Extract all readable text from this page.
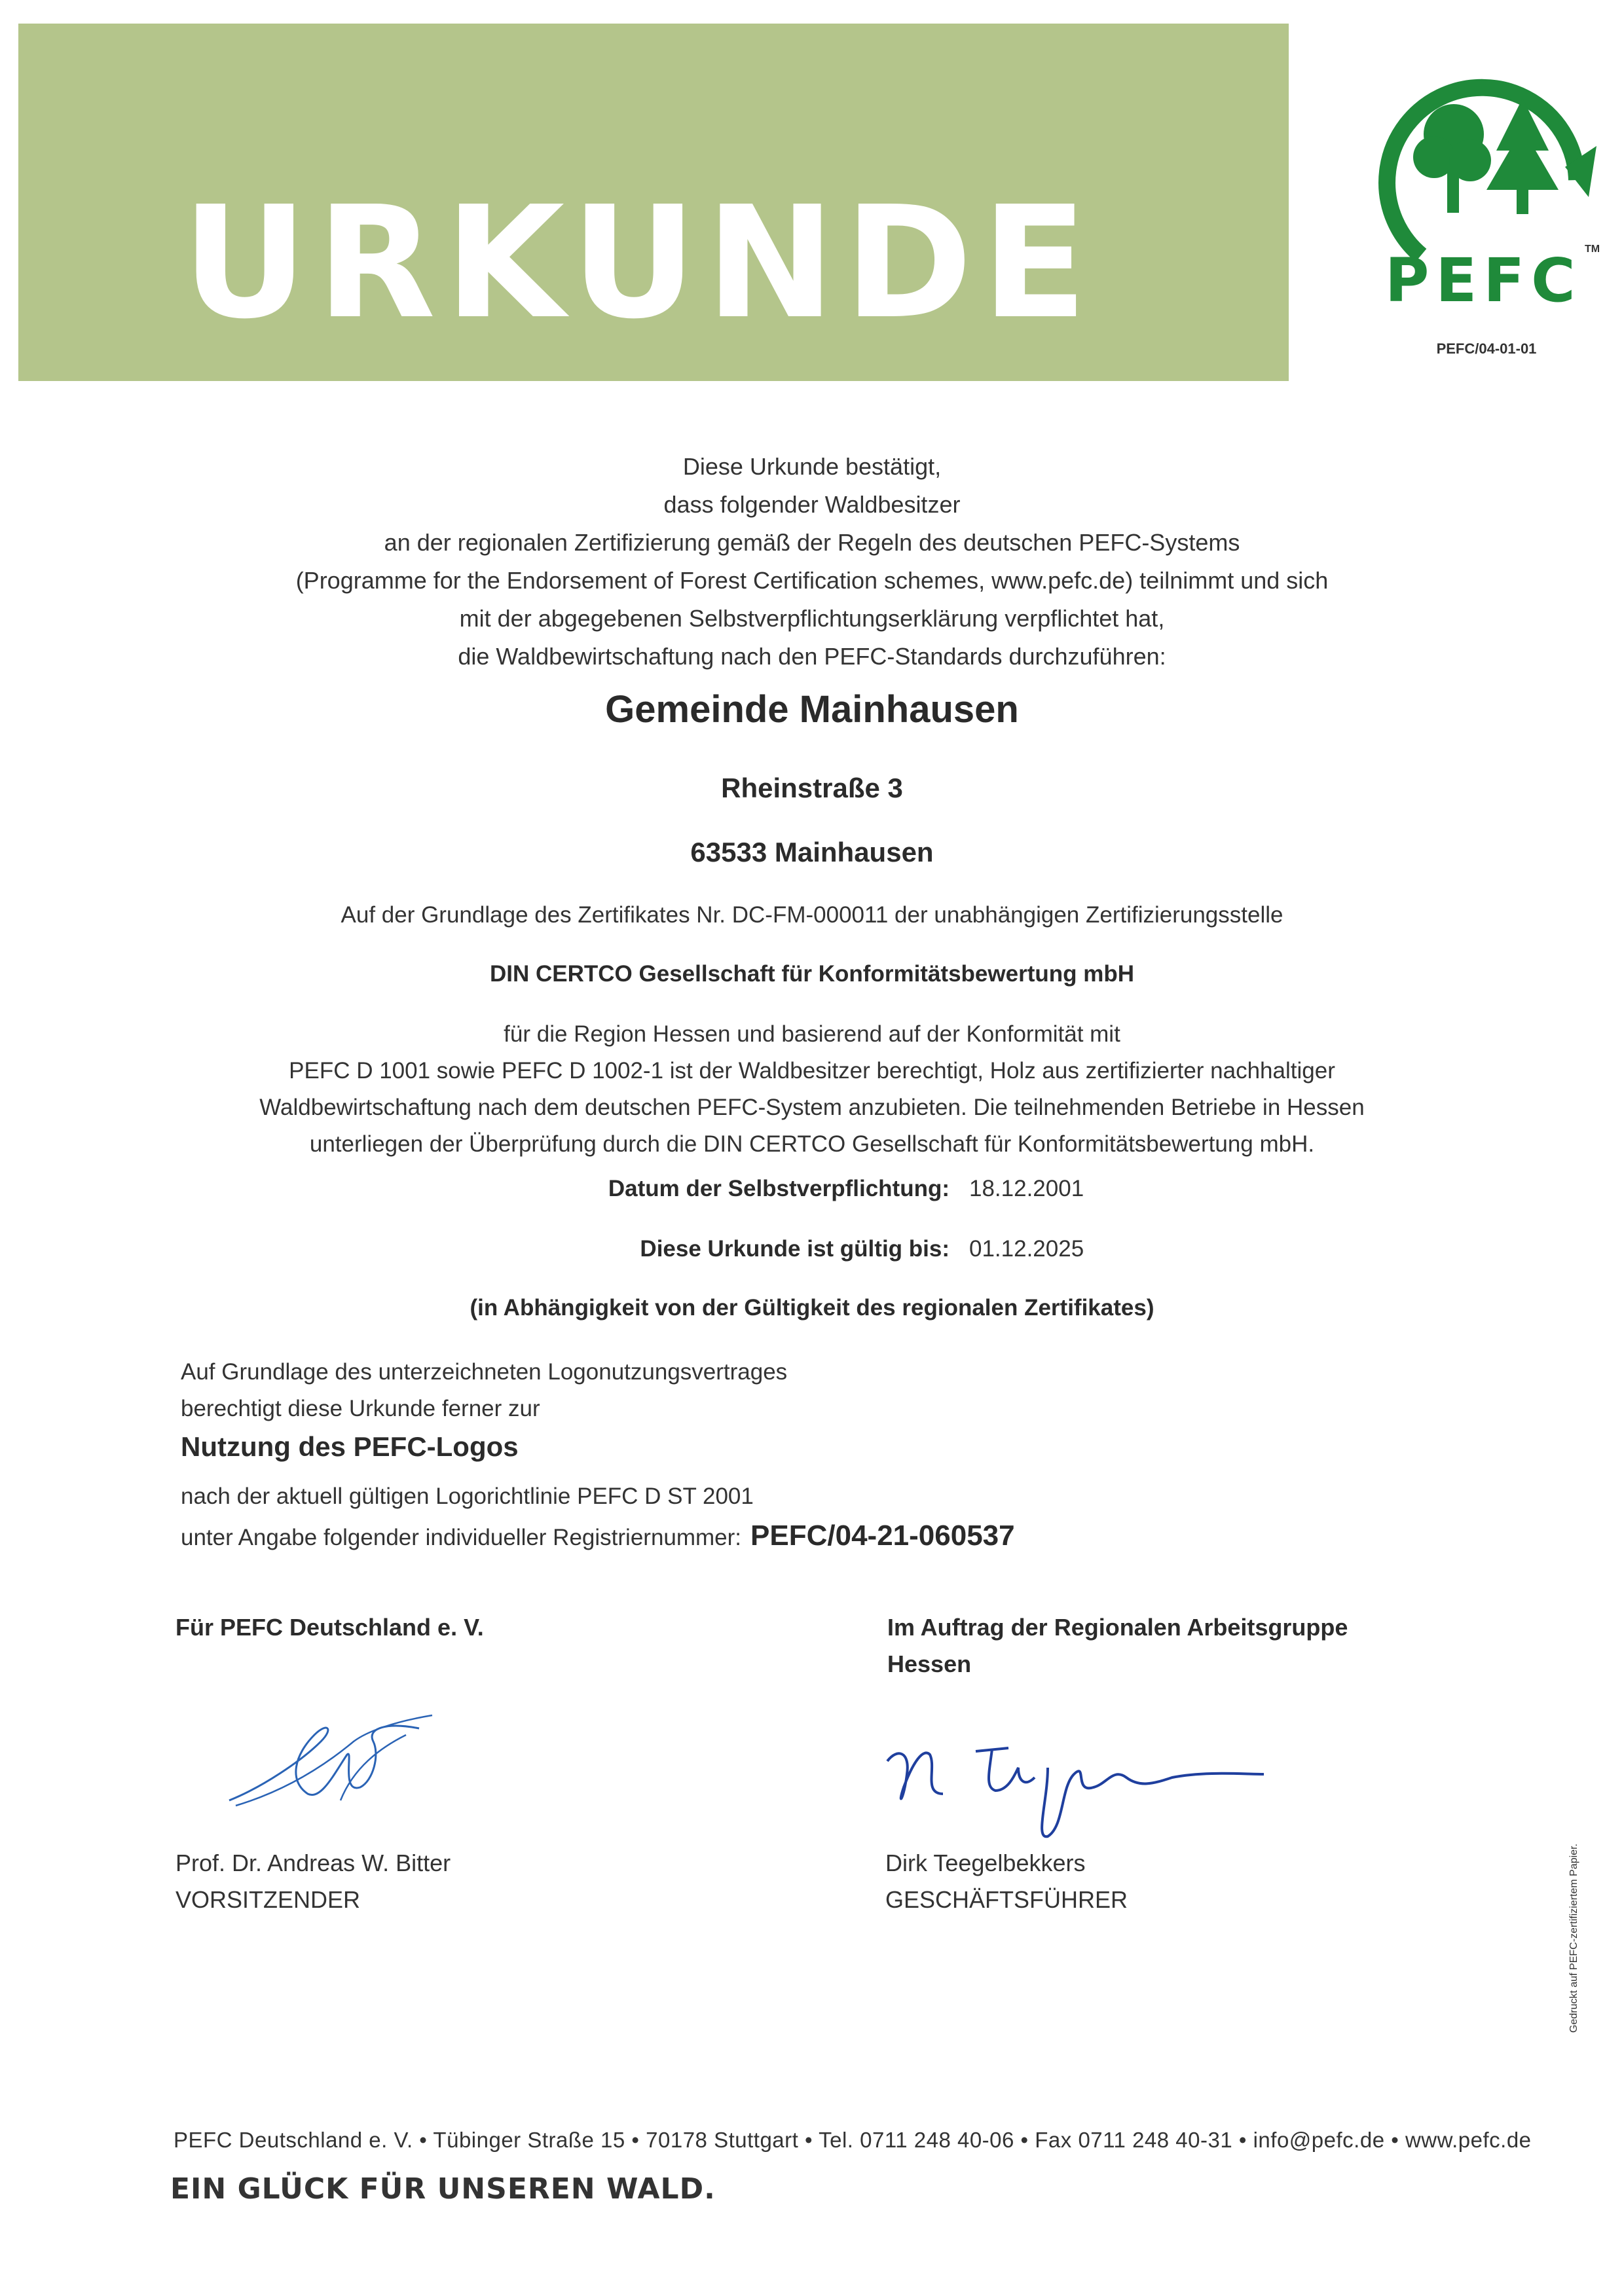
URKUNDE	PEFC TM
PEFC/04-01-01
Diese Urkunde bestätigt,
dass folgender Waldbesitzer
an der regionalen Zertifizierung gemäß der Regeln des deutschen PEFC-Systems
(Programme for the Endorsement of Forest Certification schemes, www.pefc.de) teilnimmt und sich
mit der abgegebenen Selbstverpflichtungserklärung verpflichtet hat,
die Waldbewirtschaftung nach den PEFC-Standards durchzuführen:
Gemeinde Mainhausen
Rheinstraße 3
63533 Mainhausen
Auf der Grundlage des Zertifikates Nr. DC-FM-000011 der unabhängigen Zertifizierungsstelle
DIN CERTCO Gesellschaft für Konformitätsbewertung mbH
für die Region Hessen und basierend auf der Konformität mit
PEFC D 1001 sowie PEFC D 1002-1 ist der Waldbesitzer berechtigt, Holz aus zertifizierter nachhaltiger
Waldbewirtschaftung nach dem deutschen PEFC-System anzubieten. Die teilnehmenden Betriebe in Hessen
unterliegen der Überprüfung durch die DIN CERTCO Gesellschaft für Konformitätsbewertung mbH.
Datum der Selbstverpflichtung: 18.12.2001
Diese Urkunde ist gültig bis: 01.12.2025
(in Abhängigkeit von der Gültigkeit des regionalen Zertifikates)
Auf Grundlage des unterzeichneten Logonutzungsvertrages
berechtigt diese Urkunde ferner zur
Nutzung des PEFC-Logos
nach der aktuell gültigen Logorichtlinie PEFC D ST 2001
unter Angabe folgender individueller Registriernummer: PEFC/04-21-060537
Für PEFC Deutschland e. V.
Prof. Dr. Andreas W. Bitter
VORSITZENDER
Im Auftrag der Regionalen Arbeitsgruppe
Hessen
Dirk Teegelbekkers
GESCHÄFTSFÜHRER	Gedruckt auf PEFC-zertifiziertem Papier.
PEFC Deutschland e. V. • Tübinger Straße 15 • 70178 Stuttgart • Tel. 0711 248 40-06 • Fax 0711 248 40-31 • info@pefc.de • www.pefc.de
EIN GLÜCK FÜR UNSEREN WALD.
